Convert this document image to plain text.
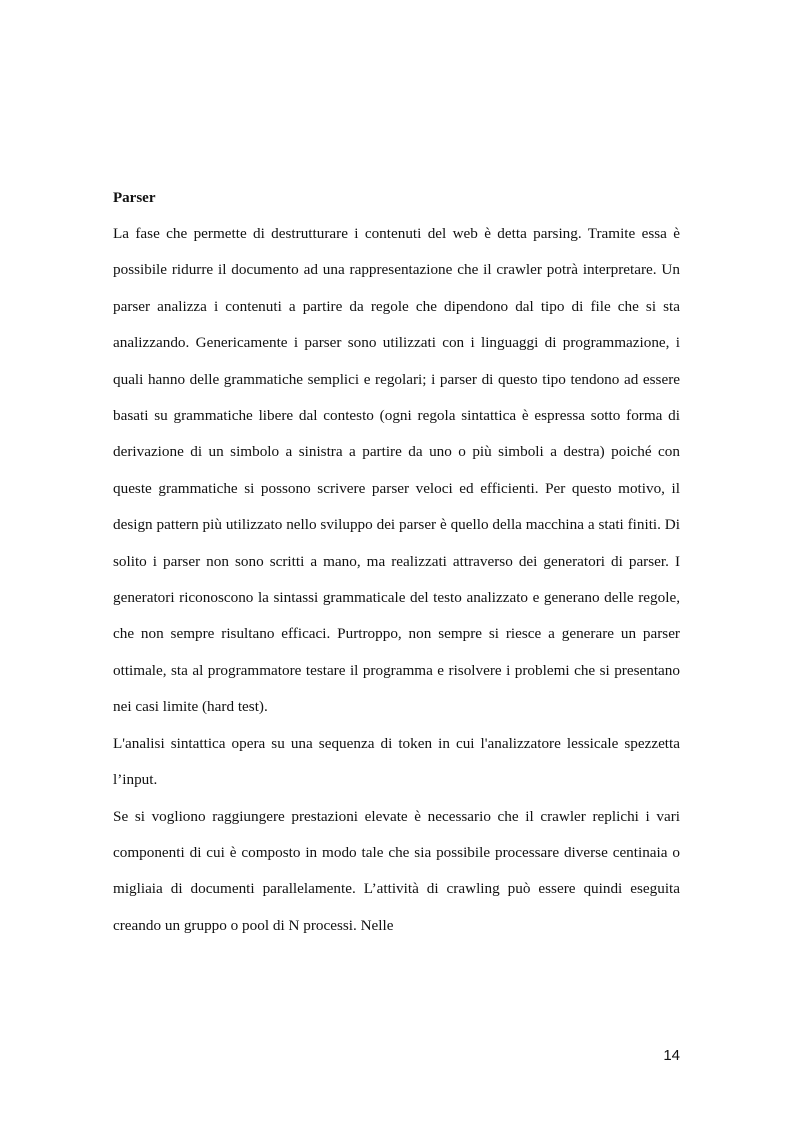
Parser

La fase che permette di destrutturare i contenuti del web è detta parsing. Tramite essa è possibile ridurre il documento ad una rappresentazione che il crawler potrà interpretare. Un parser analizza i contenuti a partire da regole che dipendono dal tipo di file che si sta analizzando. Genericamente i parser sono utilizzati con i linguaggi di programmazione, i quali hanno delle grammatiche semplici e regolari; i parser di questo tipo tendono ad essere basati su grammatiche libere dal contesto (ogni regola sintattica è espressa sotto forma di derivazione di un simbolo a sinistra a partire da uno o più simboli a destra) poiché con queste grammatiche si possono scrivere parser veloci ed efficienti. Per questo motivo, il design pattern più utilizzato nello sviluppo dei parser è quello della macchina a stati finiti. Di solito i parser non sono scritti a mano, ma realizzati attraverso dei generatori di parser. I generatori riconoscono la sintassi grammaticale del testo analizzato e generano delle regole, che non sempre risultano efficaci. Purtroppo, non sempre si riesce a generare un parser ottimale, sta al programmatore testare il programma e risolvere i problemi che si presentano nei casi limite (hard test).

L'analisi sintattica opera su una sequenza di token in cui l'analizzatore lessicale spezzetta l’input.

Se si vogliono raggiungere prestazioni elevate è necessario che il crawler replichi i vari componenti di cui è composto in modo tale che sia possibile processare diverse centinaia o migliaia di documenti parallelamente. L’attività di crawling può essere quindi eseguita creando un gruppo o pool di N processi. Nelle

14
